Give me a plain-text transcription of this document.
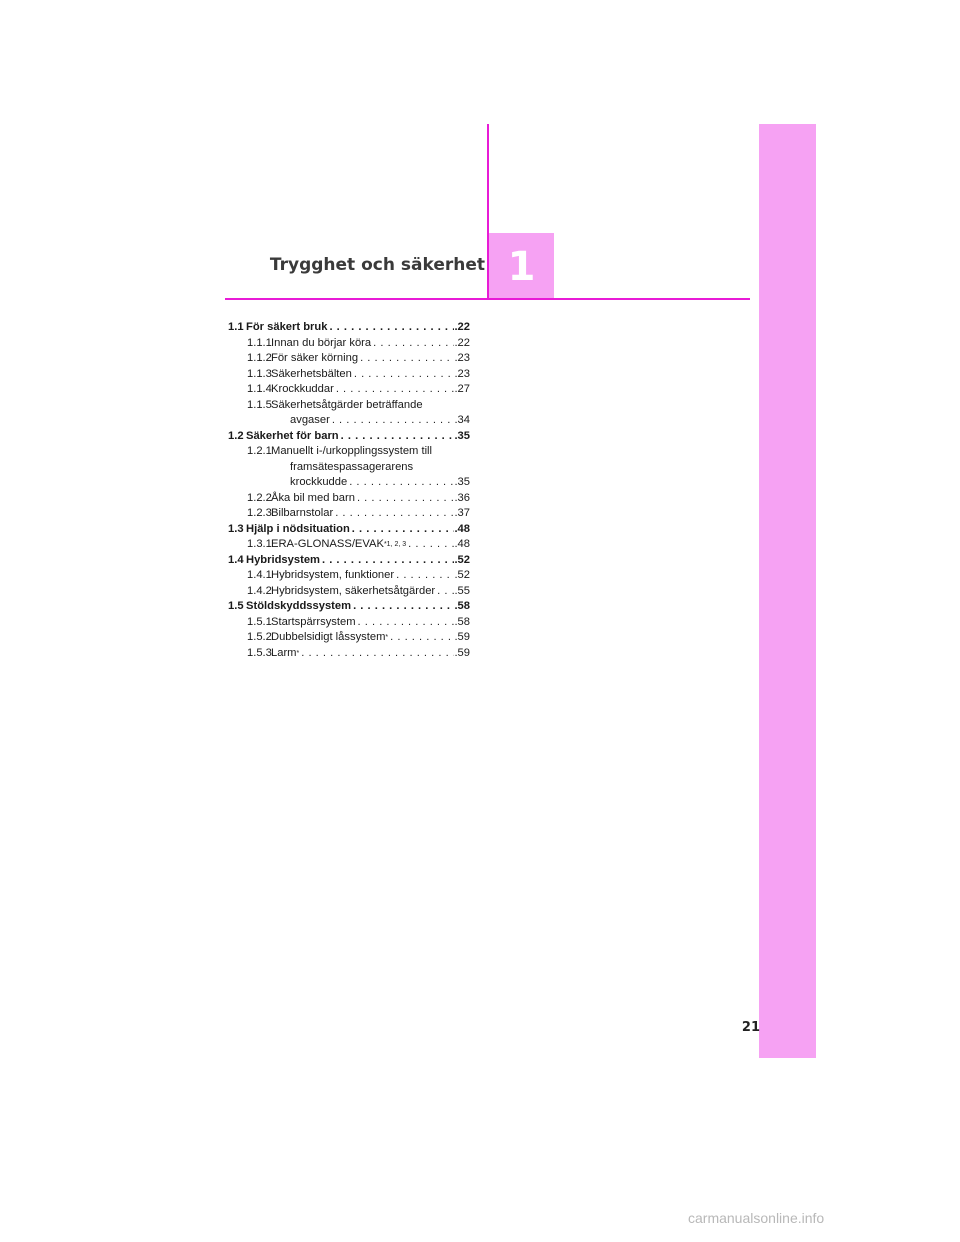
1
Trygghet och säkerhet
1.1 För säkert bruk . . .	.22
1.1.1 Innan du börjar köra . . .	.22
1.1.2 För säker körning . . .	.23
1.1.3 Säkerhetsbälten . . .	.23
1.1.4 Krockkuddar . . .	.27
1.1.5 Säkerhetsåtgärder beträffande
avgaser . . .	.34
1.2 Säkerhet för barn . . .	.35
1.2.1 Manuellt i-/urkopplingssystem till
framsätespassagerarens
krockkudde . . .	.35
1.2.2 Åka bil med barn . . .	.36
1.2.3 Bilbarnstolar . . .	.37
1.3 Hjälp i nödsituation . . .	.48
1.3.1 ERA-GLONASS/EVAK$^{*1, 2, 3}$ . . .	.48
1.4 Hybridsystem . . .	.52
1.4.1 Hybridsystem, funktioner . . .	.52
1.4.2 Hybridsystem, säkerhetsåtgärder . . . .55
1.5 Stöldskyddssystem . . .	.58
1.5.1 Startspärrsystem . . .	.58
1.5.2 Dubbelsidigt låssystem* . . .	.59
1.5.3 Larm* . . .	.59
21
carmanualsonline.info
